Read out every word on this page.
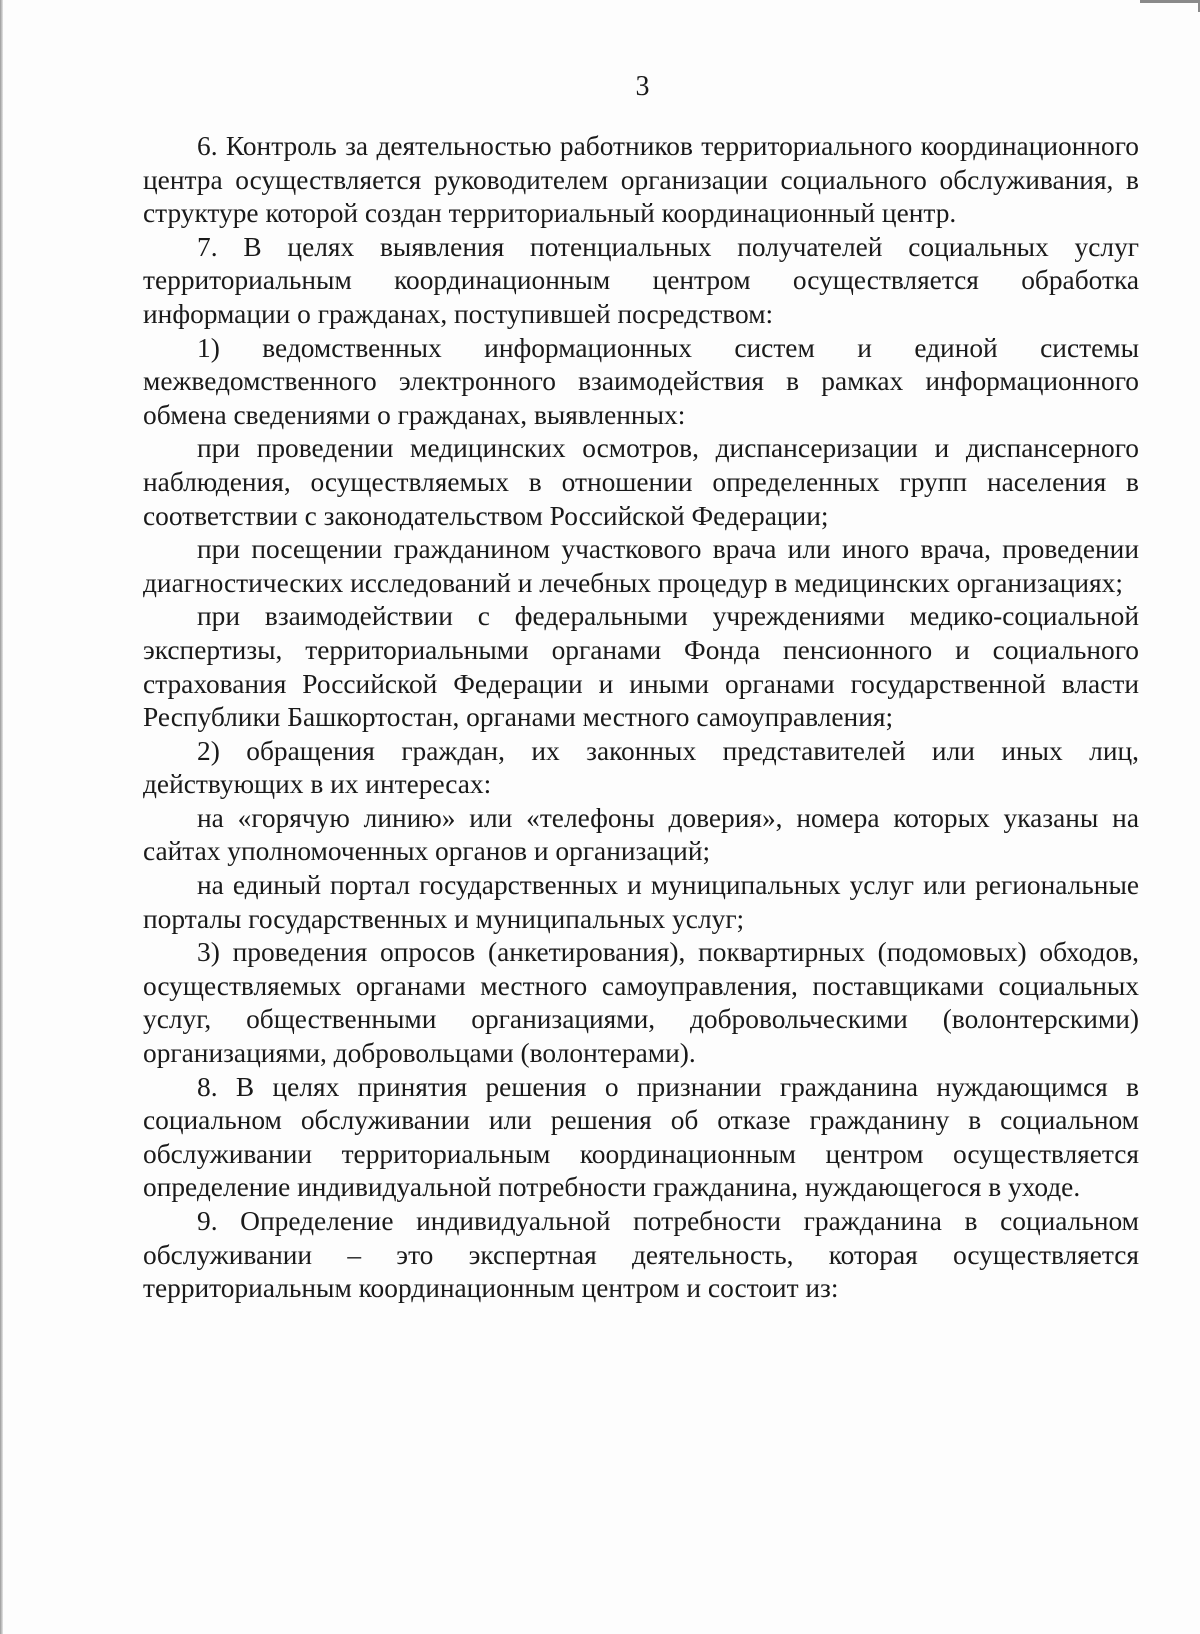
3

6. Контроль за деятельностью работников территориального координационного центра осуществляется руководителем организации социального обслуживания, в структуре которой создан территориальный координационный центр.

7. В целях выявления потенциальных получателей социальных услуг территориальным координационным центром осуществляется обработка информации о гражданах, поступившей посредством:

1) ведомственных информационных систем и единой системы межведомственного электронного взаимодействия в рамках информационного обмена сведениями о гражданах, выявленных:

при проведении медицинских осмотров, диспансеризации и диспансерного наблюдения, осуществляемых в отношении определенных групп населения в соответствии с законодательством Российской Федерации;

при посещении гражданином участкового врача или иного врача, проведении диагностических исследований и лечебных процедур в медицинских организациях;

при взаимодействии с федеральными учреждениями медико-социальной экспертизы, территориальными органами Фонда пенсионного и социального страхования Российской Федерации и иными органами государственной власти Республики Башкортостан, органами местного самоуправления;

2) обращения граждан, их законных представителей или иных лиц, действующих в их интересах:

на «горячую линию» или «телефоны доверия», номера которых указаны на сайтах уполномоченных органов и организаций;

на единый портал государственных и муниципальных услуг или региональные порталы государственных и муниципальных услуг;

3) проведения опросов (анкетирования), поквартирных (подомовых) обходов, осуществляемых органами местного самоуправления, поставщиками социальных услуг, общественными организациями, добровольческими (волонтерскими) организациями, добровольцами (волонтерами).

8. В целях принятия решения о признании гражданина нуждающимся в социальном обслуживании или решения об отказе гражданину в социальном обслуживании территориальным координационным центром осуществляется определение индивидуальной потребности гражданина, нуждающегося в уходе.

9. Определение индивидуальной потребности гражданина в социальном обслуживании – это экспертная деятельность, которая осуществляется территориальным координационным центром и состоит из:
